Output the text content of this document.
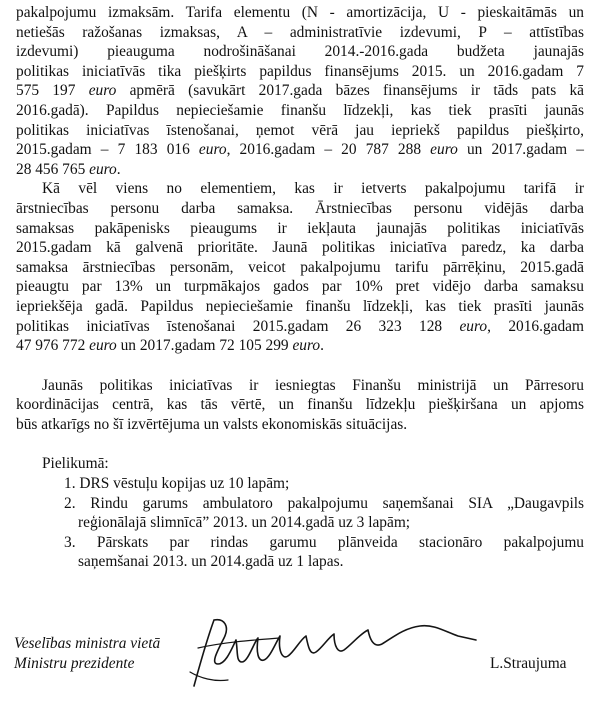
pakalpojumu izmaksām. Tarifa elementu (N - amortizācija, U - pieskaitāmās un
netiešās ražošanas izmaksas, A – administratīvie izdevumi, P – attīstības
izdevumi) pieauguma nodrošināšanai 2014.-2016.gada budžeta jaunajās
politikas iniciatīvās tika piešķirts papildus finansējums 2015. un 2016.gadam 7
575 197 euro apmērā (savukārt 2017.gada bāzes finansējums ir tāds pats kā
2016.gadā). Papildus nepieciešamie finanšu līdzekļi, kas tiek prasīti jaunās
politikas iniciatīvas īstenošanai, ņemot vērā jau iepriekš papildus piešķirto,
2015.gadam – 7 183 016 euro, 2016.gadam – 20 787 288 euro un 2017.gadam –
28 456 765 euro.
Kā vēl viens no elementiem, kas ir ietverts pakalpojumu tarifā ir
ārstniecības personu darba samaksa. Ārstniecības personu vidējās darba
samaksas pakāpenisks pieaugums ir iekļauta jaunajās politikas iniciatīvās
2015.gadam kā galvenā prioritāte. Jaunā politikas iniciatīva paredz, ka darba
samaksa ārstniecības personām, veicot pakalpojumu tarifu pārrēķinu, 2015.gadā
pieaugtu par 13% un turpmākajos gados par 10% pret vidējo darba samaksu
iepriekšēja gadā. Papildus nepieciešamie finanšu līdzekļi, kas tiek prasīti jaunās
politikas iniciatīvas īstenošanai 2015.gadam 26 323 128 euro, 2016.gadam
47 976 772 euro un 2017.gadam 72 105 299 euro.
Jaunās politikas iniciatīvas ir iesniegtas Finanšu ministrijā un Pārresoru
koordinācijas centrā, kas tās vērtē, un finanšu līdzekļu piešķiršana un apjoms
būs atkarīgs no šī izvērtējuma un valsts ekonomiskās situācijas.
Pielikumā:
1. DRS vēstuļu kopijas uz 10 lapām;
2. Rindu garums ambulatoro pakalpojumu saņemšanai SIA „Daugavpils
reģionālajā slimnīcā” 2013. un 2014.gadā uz 3 lapām;
3. Pārskats par rindas garumu plānveida stacionāro pakalpojumu
saņemšanai 2013. un 2014.gadā uz 1 lapas.
Veselības ministra vietā
Ministru prezidente	L.Straujuma
